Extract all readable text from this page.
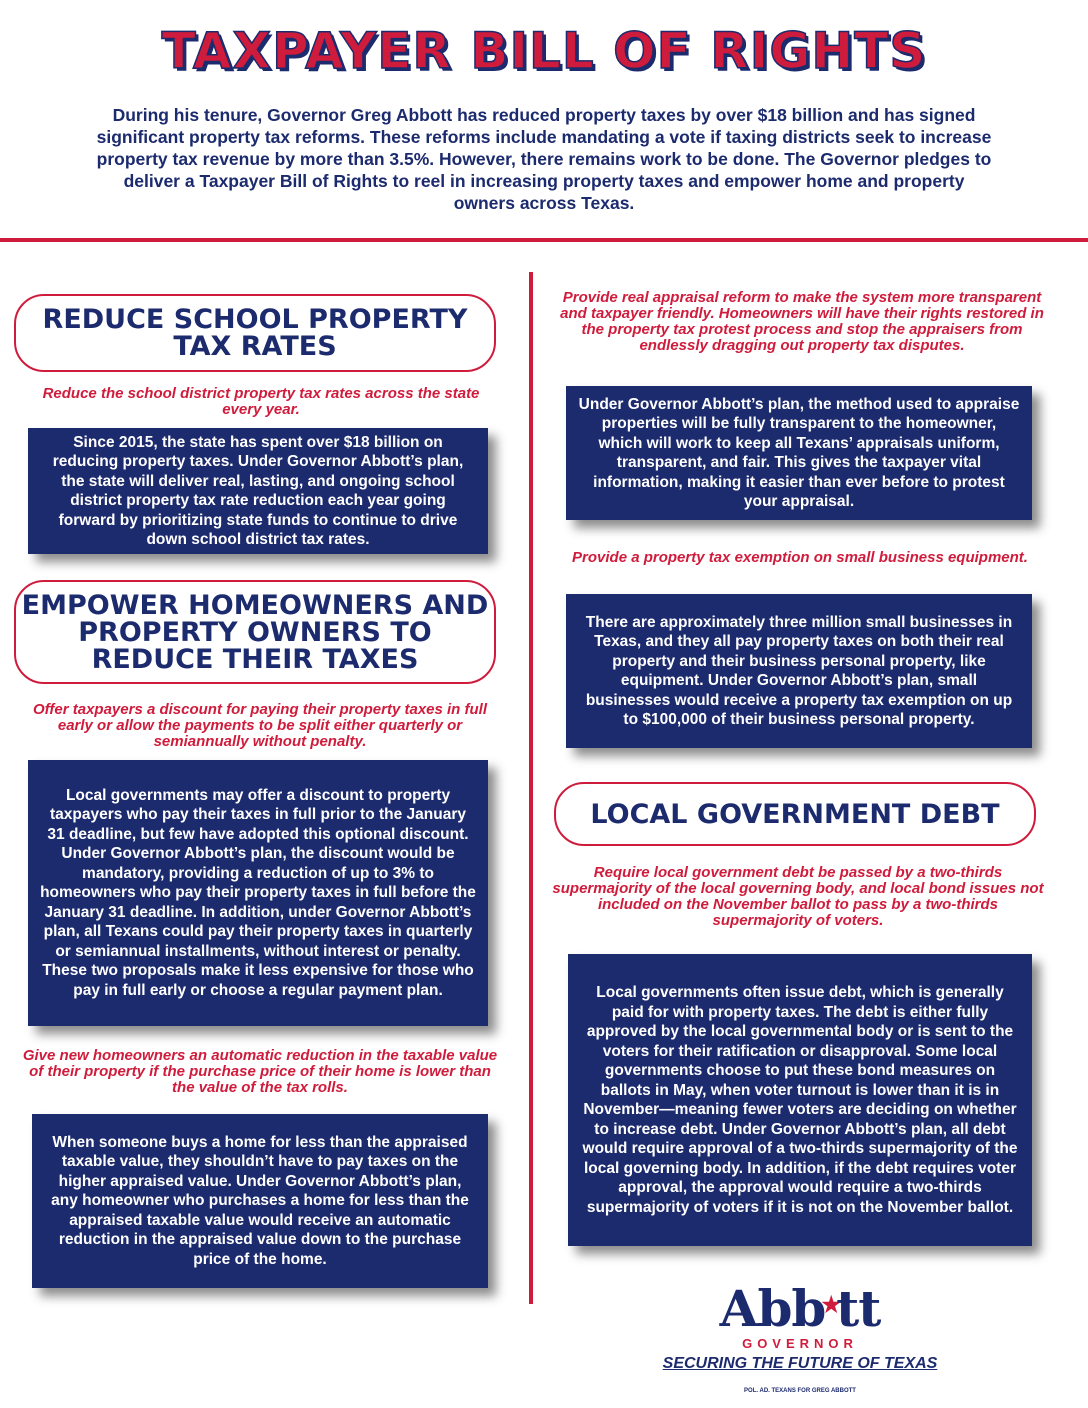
TAXPAYER BILL OF RIGHTS
During his tenure, Governor Greg Abbott has reduced property taxes by over $18 billion and has signed significant property tax reforms. These reforms include mandating a vote if taxing districts seek to increase property tax revenue by more than 3.5%. However, there remains work to be done. The Governor pledges to deliver a Taxpayer Bill of Rights to reel in increasing property taxes and empower home and property owners across Texas.
REDUCE SCHOOL PROPERTY TAX RATES
Reduce the school district property tax rates across the state every year.
Since 2015, the state has spent over $18 billion on reducing property taxes. Under Governor Abbott’s plan, the state will deliver real, lasting, and ongoing school district property tax rate reduction each year going forward by prioritizing state funds to continue to drive down school district tax rates.
EMPOWER HOMEOWNERS AND PROPERTY OWNERS TO REDUCE THEIR TAXES
Offer taxpayers a discount for paying their property taxes in full early or allow the payments to be split either quarterly or semiannually without penalty.
Local governments may offer a discount to property taxpayers who pay their taxes in full prior to the January 31 deadline, but few have adopted this optional discount. Under Governor Abbott’s plan, the discount would be mandatory, providing a reduction of up to 3% to homeowners who pay their property taxes in full before the January 31 deadline. In addition, under Governor Abbott’s plan, all Texans could pay their property taxes in quarterly or semiannual installments, without interest or penalty. These two proposals make it less expensive for those who pay in full early or choose a regular payment plan.
Give new homeowners an automatic reduction in the taxable value of their property if the purchase price of their home is lower than the value of the tax rolls.
When someone buys a home for less than the appraised taxable value, they shouldn’t have to pay taxes on the higher appraised value. Under Governor Abbott’s plan, any homeowner who purchases a home for less than the appraised taxable value would receive an automatic reduction in the appraised value down to the purchase price of the home.
Provide real appraisal reform to make the system more transparent and taxpayer friendly. Homeowners will have their rights restored in the property tax protest process and stop the appraisers from endlessly dragging out property tax disputes.
Under Governor Abbott’s plan, the method used to appraise properties will be fully transparent to the homeowner, which will work to keep all Texans’ appraisals uniform, transparent, and fair. This gives the taxpayer vital information, making it easier than ever before to protest your appraisal.
Provide a property tax exemption on small business equipment.
There are approximately three million small businesses in Texas, and they all pay property taxes on both their real property and their business personal property, like equipment. Under Governor Abbott’s plan, small businesses would receive a property tax exemption on up to $100,000 of their business personal property.
LOCAL GOVERNMENT DEBT
Require local government debt be passed by a two-thirds supermajority of the local governing body, and local bond issues not included on the November ballot to pass by a two-thirds supermajority of voters.
Local governments often issue debt, which is generally paid for with property taxes. The debt is either fully approved by the local governmental body or is sent to the voters for their ratification or disapproval. Some local governments choose to put these bond measures on ballots in May, when voter turnout is lower than it is in November—meaning fewer voters are deciding on whether to increase debt. Under Governor Abbott’s plan, all debt would require approval of a two-thirds supermajority of the local governing body. In addition, if the debt requires voter approval, the approval would require a two-thirds supermajority of voters if it is not on the November ballot.
Abb★tt
GOVERNOR
SECURING THE FUTURE OF TEXAS
POL. AD. TEXANS FOR GREG ABBOTT
